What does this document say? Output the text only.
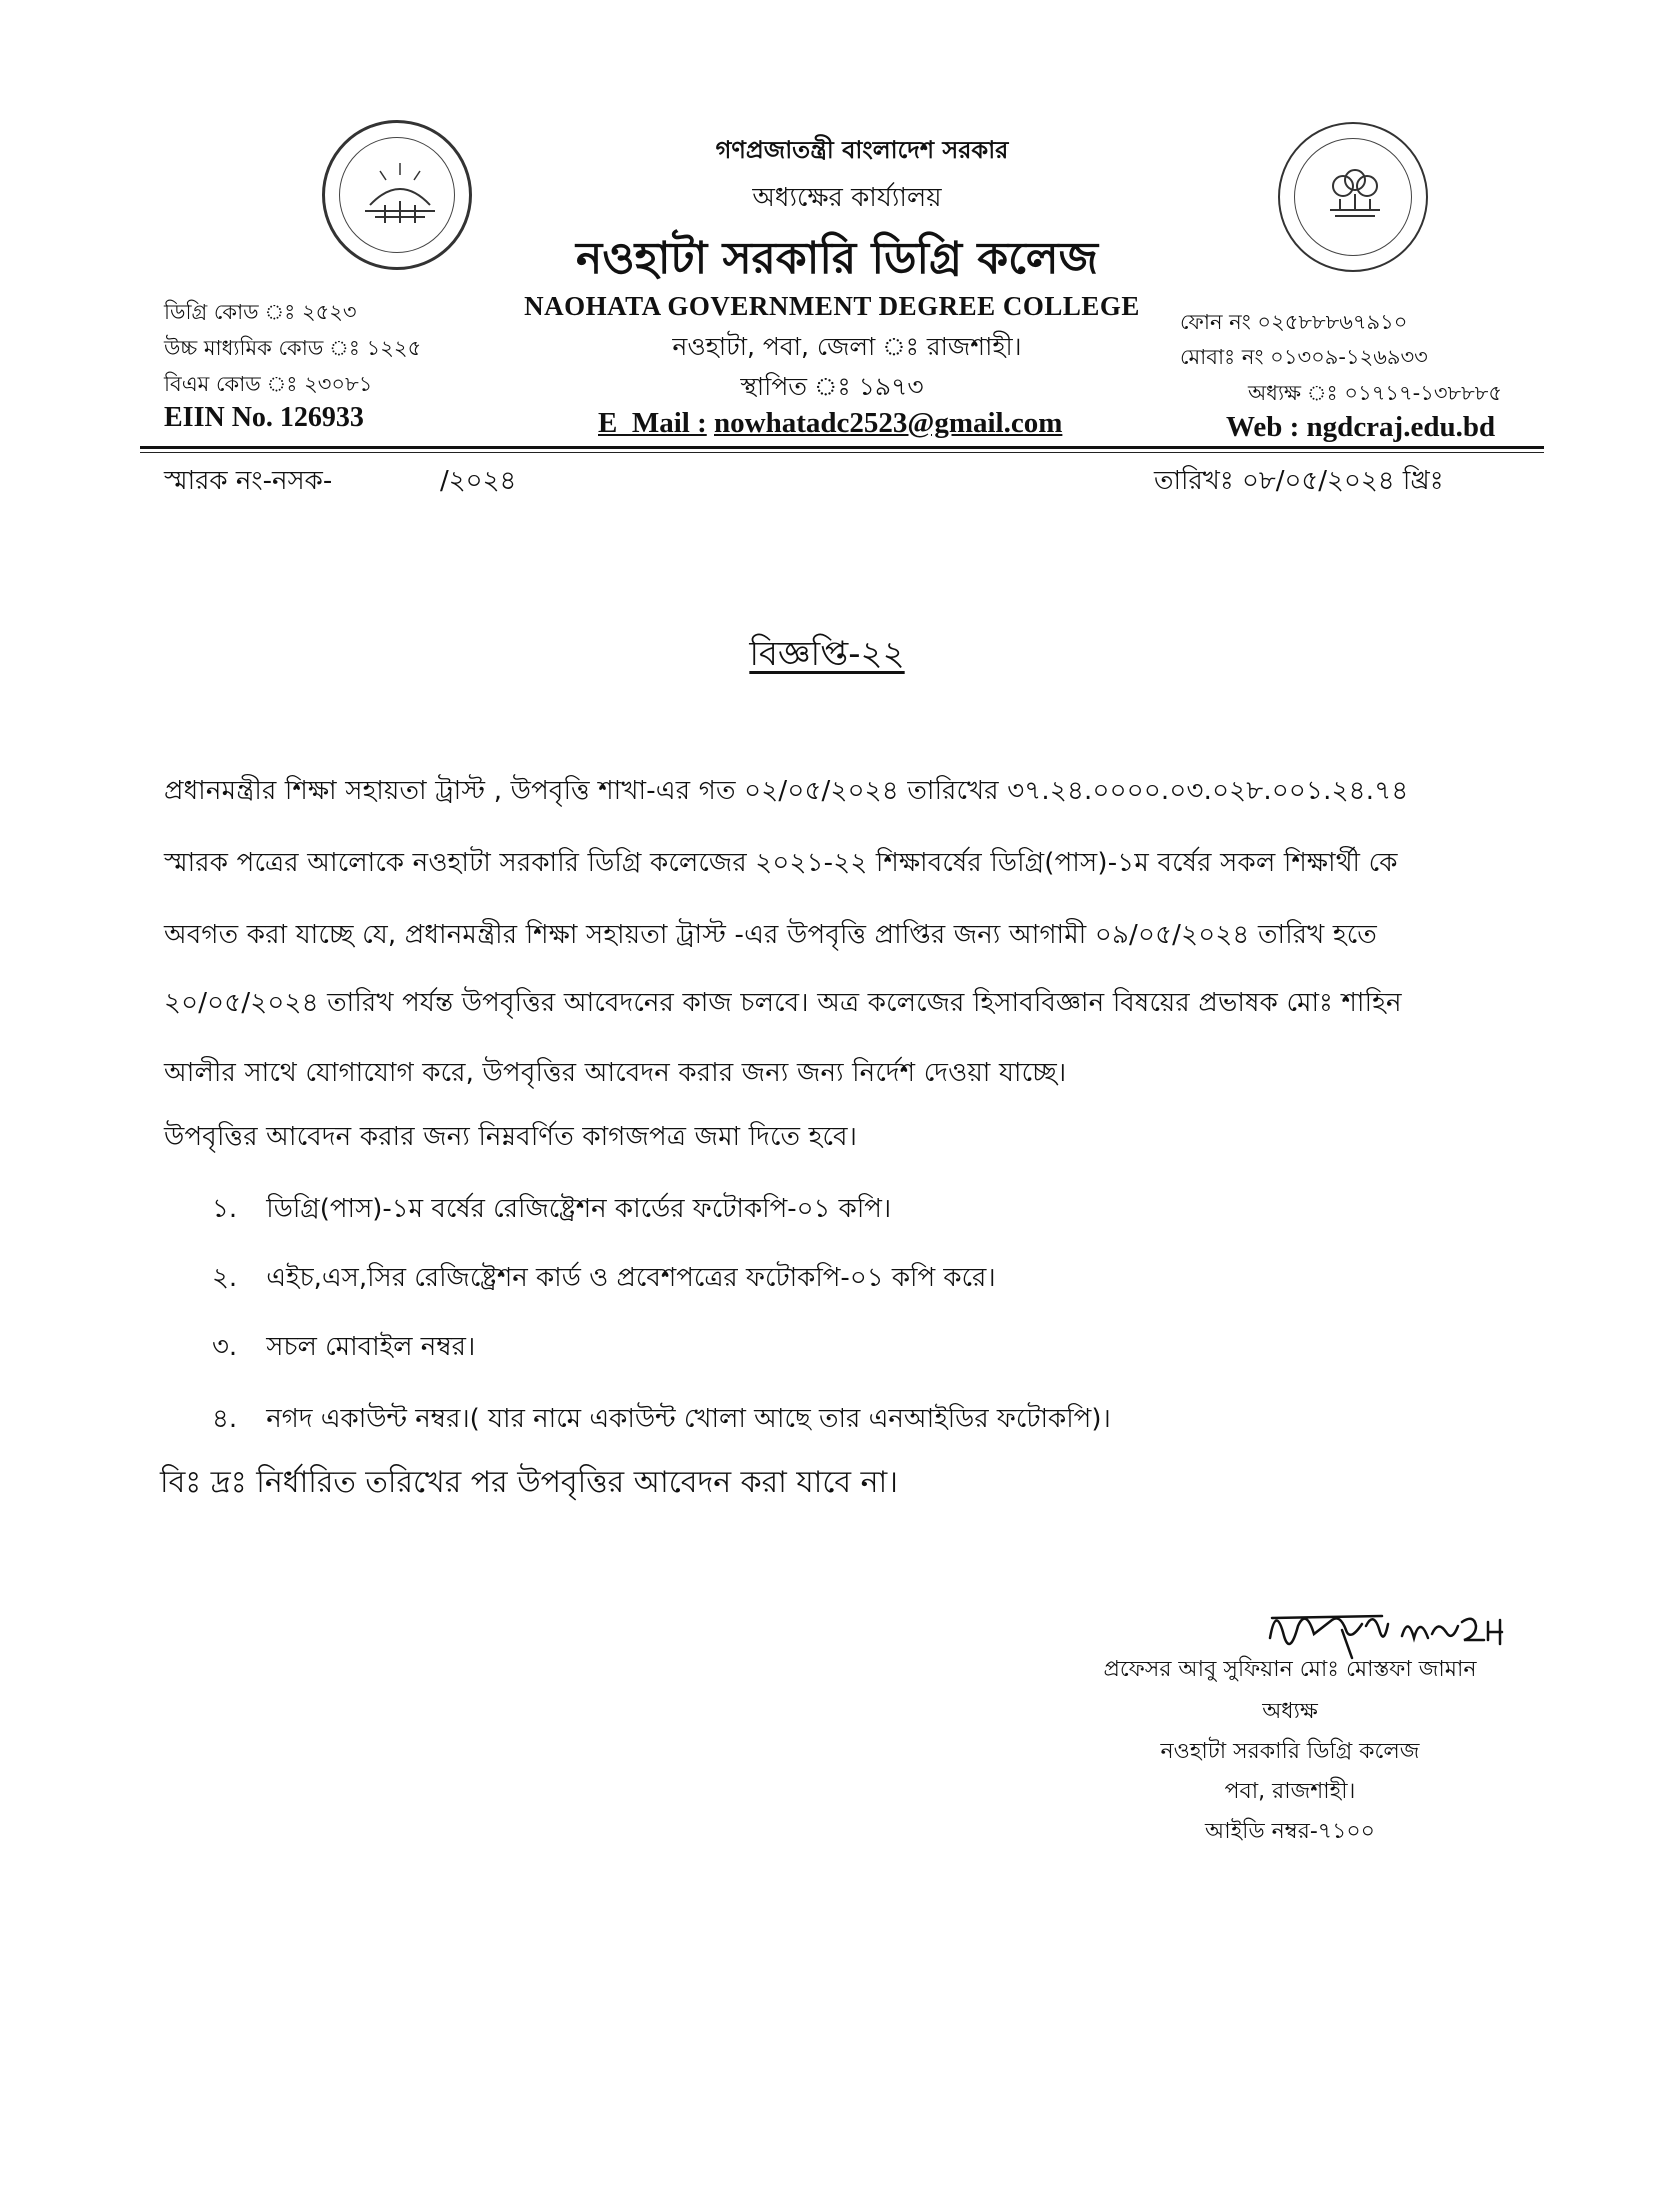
গণপ্রজাতন্ত্রী বাংলাদেশ সরকার
অধ্যক্ষের কার্য্যালয়
নওহাটা সরকারি ডিগ্রি কলেজ
NAOHATA GOVERNMENT DEGREE COLLEGE
নওহাটা, পবা, জেলা ঃ রাজশাহী।
স্থাপিত ঃ ১৯৭৩
E_Mail : nowhatadc2523@gmail.com
ডিগ্রি কোড ঃ ২৫২৩
উচ্চ মাধ্যমিক কোড ঃ ১২২৫
বিএম কোড ঃ ২৩০৮১
EIIN No. 126933
ফোন নং ০২৫৮৮৮৬৭৯১০
মোবাঃ নং ০১৩০৯-১২৬৯৩৩
অধ্যক্ষ ঃ ০১৭১৭-১৩৮৮৮৫
Web : ngdcraj.edu.bd
স্মারক নং-নসক-	/২০২৪	তারিখঃ ০৮/০৫/২০২৪ খ্রিঃ
বিজ্ঞপ্তি-২২
প্রধানমন্ত্রীর শিক্ষা সহায়তা ট্রাস্ট , উপবৃত্তি শাখা-এর গত ০২/০৫/২০২৪ তারিখের ৩৭.২৪.০০০০.০৩.০২৮.০০১.২৪.৭৪
স্মারক পত্রের আলোকে নওহাটা সরকারি ডিগ্রি কলেজের ২০২১-২২ শিক্ষাবর্ষের ডিগ্রি(পাস)-১ম বর্ষের সকল শিক্ষার্থী কে
অবগত করা যাচ্ছে যে, প্রধানমন্ত্রীর শিক্ষা সহায়তা ট্রাস্ট -এর উপবৃত্তি প্রাপ্তির জন্য আগামী ০৯/০৫/২০২৪ তারিখ হতে
২০/০৫/২০২৪ তারিখ পর্যন্ত উপবৃত্তির আবেদনের কাজ চলবে। অত্র কলেজের হিসাববিজ্ঞান বিষয়ের প্রভাষক মোঃ শাহিন
আলীর সাথে যোগাযোগ করে, উপবৃত্তির আবেদন করার জন্য জন্য নির্দেশ দেওয়া যাচ্ছে।
উপবৃত্তির আবেদন করার জন্য নিম্নবর্ণিত কাগজপত্র জমা দিতে হবে।
১. ডিগ্রি(পাস)-১ম বর্ষের রেজিষ্ট্রেশন কার্ডের ফটোকপি-০১ কপি।
২. এইচ,এস,সির রেজিষ্ট্রেশন কার্ড ও প্রবেশপত্রের ফটোকপি-০১ কপি করে।
৩. সচল মোবাইল নম্বর।
৪. নগদ একাউন্ট নম্বর।( যার নামে একাউন্ট খোলা আছে তার এনআইডির ফটোকপি)।
বিঃ দ্রঃ নির্ধারিত তরিখের পর উপবৃত্তির আবেদন করা যাবে না।
প্রফেসর আবু সুফিয়ান মোঃ মোস্তফা জামান
অধ্যক্ষ
নওহাটা সরকারি ডিগ্রি কলেজ
পবা, রাজশাহী।
আইডি নম্বর-৭১০০
